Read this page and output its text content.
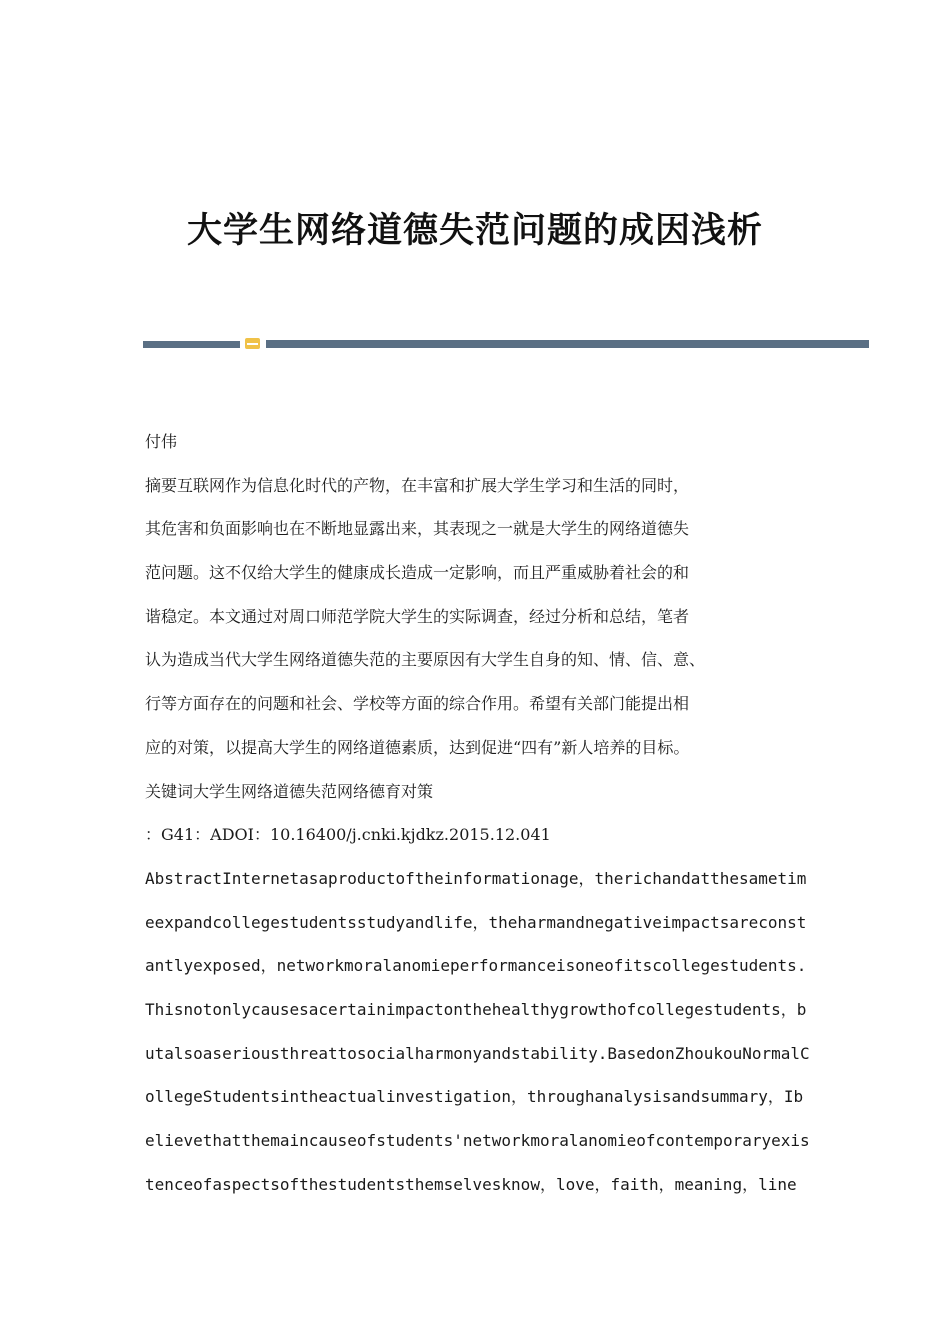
大学生网络道德失范问题的成因浅析
付伟
摘要互联网作为信息化时代的产物，在丰富和扩展大学生学习和生活的同时，
其危害和负面影响也在不断地显露出来，其表现之一就是大学生的网络道德失
范问题。这不仅给大学生的健康成长造成一定影响，而且严重威胁着社会的和
谐稳定。本文通过对周口师范学院大学生的实际调查，经过分析和总结，笔者
认为造成当代大学生网络道德失范的主要原因有大学生自身的知、情、信、意、
行等方面存在的问题和社会、学校等方面的综合作用。希望有关部门能提出相
应的对策，以提高大学生的网络道德素质，达到促进“四有”新人培养的目标。
关键词大学生网络道德失范网络德育对策
：G41：ADOI：10.16400/j.cnki.kjdkz.2015.12.041
AbstractInternetasaproductoftheinformationage，therichandatthesametim
eexpandcollegestudentsstudyandlife，theharmandnegativeimpactsareconst
antlyexposed，networkmoralanomieperformanceisoneofitscollegestudents.
Thisnotonlycausesacertainimpactonthehealthygrowthofcollegestudents，b
utalsoaseriousthreattosocialharmonyandstability.BasedonZhoukouNormalC
ollegeStudentsintheactualinvestigation，throughanalysisandsummary，Ib
elievethatthemaincauseofstudents'networkmoralanomieofcontemporaryexis
tenceofaspectsofthestudentsthemselvesknow，love，faith，meaning，line
